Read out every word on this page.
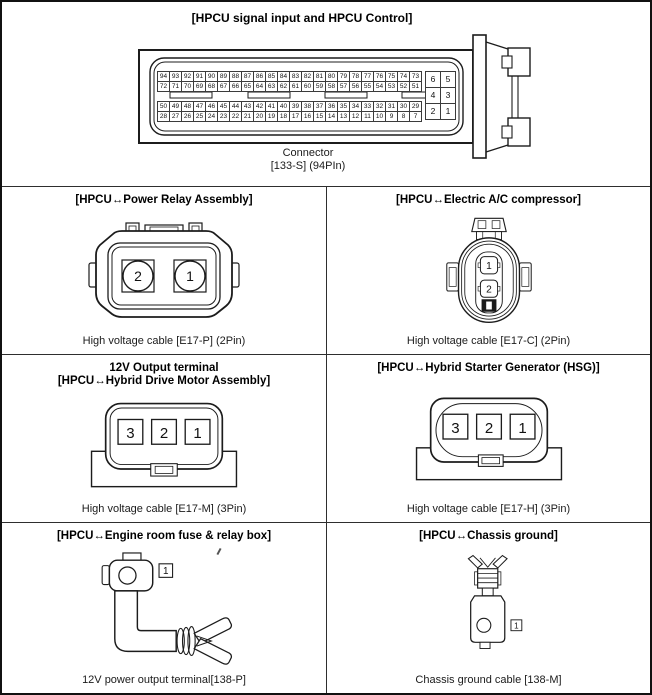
[HPCU signal input and HPCU Control]
94 93 92 91 90 89 88 87 86 85 84 83 82 81 80 79 78 77 76 75 74 73
72 71 70 69 68 67 66 65 64 63 62 61 60 59 58 57 56 55 54 53 52 51
50 49 48 47 46 45 44 43 42 41 40 39 38 37 36 35 34 33 32 31 30 29
28 27 26 25 24 23 22 21 20 19 18 17 16 15 14 13 12 11 10	9	8	7
6	5
4	3
2	1
Connector
[133-S] (94PIn)
[HPCU↔Power Relay Assembly]
2	1
High voltage cable [E17-P] (2Pin)
[HPCU↔Electric A/C compressor]
1
2
High voltage cable [E17-C] (2Pin)
12V Output terminal
[HPCU↔Hybrid Drive Motor Assembly]
3 2 1
High voltage cable [E17-M] (3Pin)
[HPCU↔Hybrid Starter Generator (HSG)]
3 2 1
High voltage cable [E17-H] (3Pin)
[HPCU↔Engine room fuse & relay box]
1
12V power output terminal[138-P]
[HPCU↔Chassis ground]
1
Chassis ground cable [138-M]
